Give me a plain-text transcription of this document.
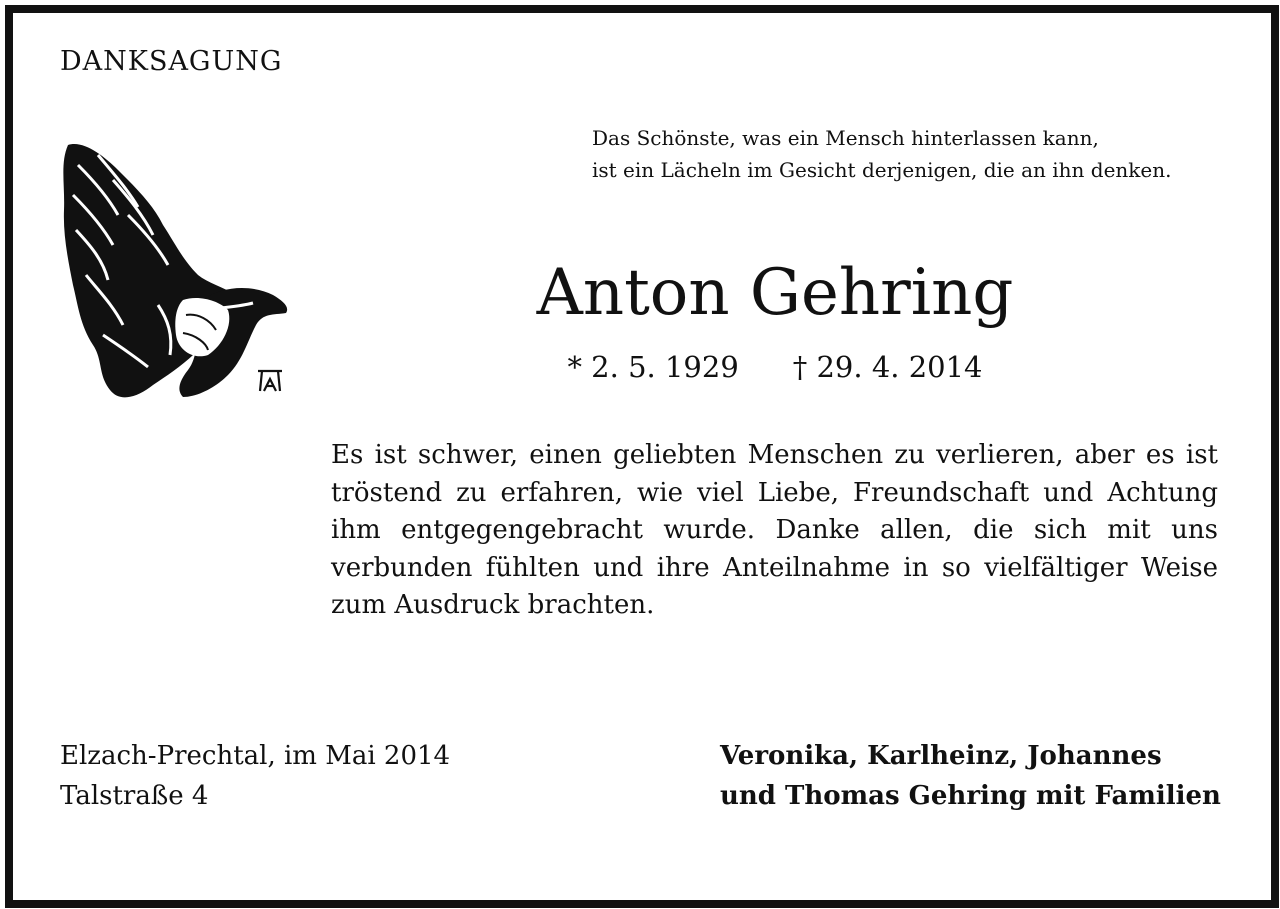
DANKSAGUNG
Das Schönste, was ein Mensch hinterlassen kann,
ist ein Lächeln im Gesicht derjenigen, die an ihn denken.
Anton Gehring
* 2. 5. 1929 † 29. 4. 2014
Es ist schwer, einen geliebten Menschen zu verlieren, aber es ist tröstend zu erfahren, wie viel Liebe, Freundschaft und Achtung ihm entgegengebracht wurde. Danke allen, die sich mit uns verbunden fühlten und ihre Anteilnahme in so vielfältiger Weise zum Ausdruck brachten.
Elzach-Prechtal, im Mai 2014
Talstraße 4
Veronika, Karlheinz, Johannes
und Thomas Gehring mit Familien
